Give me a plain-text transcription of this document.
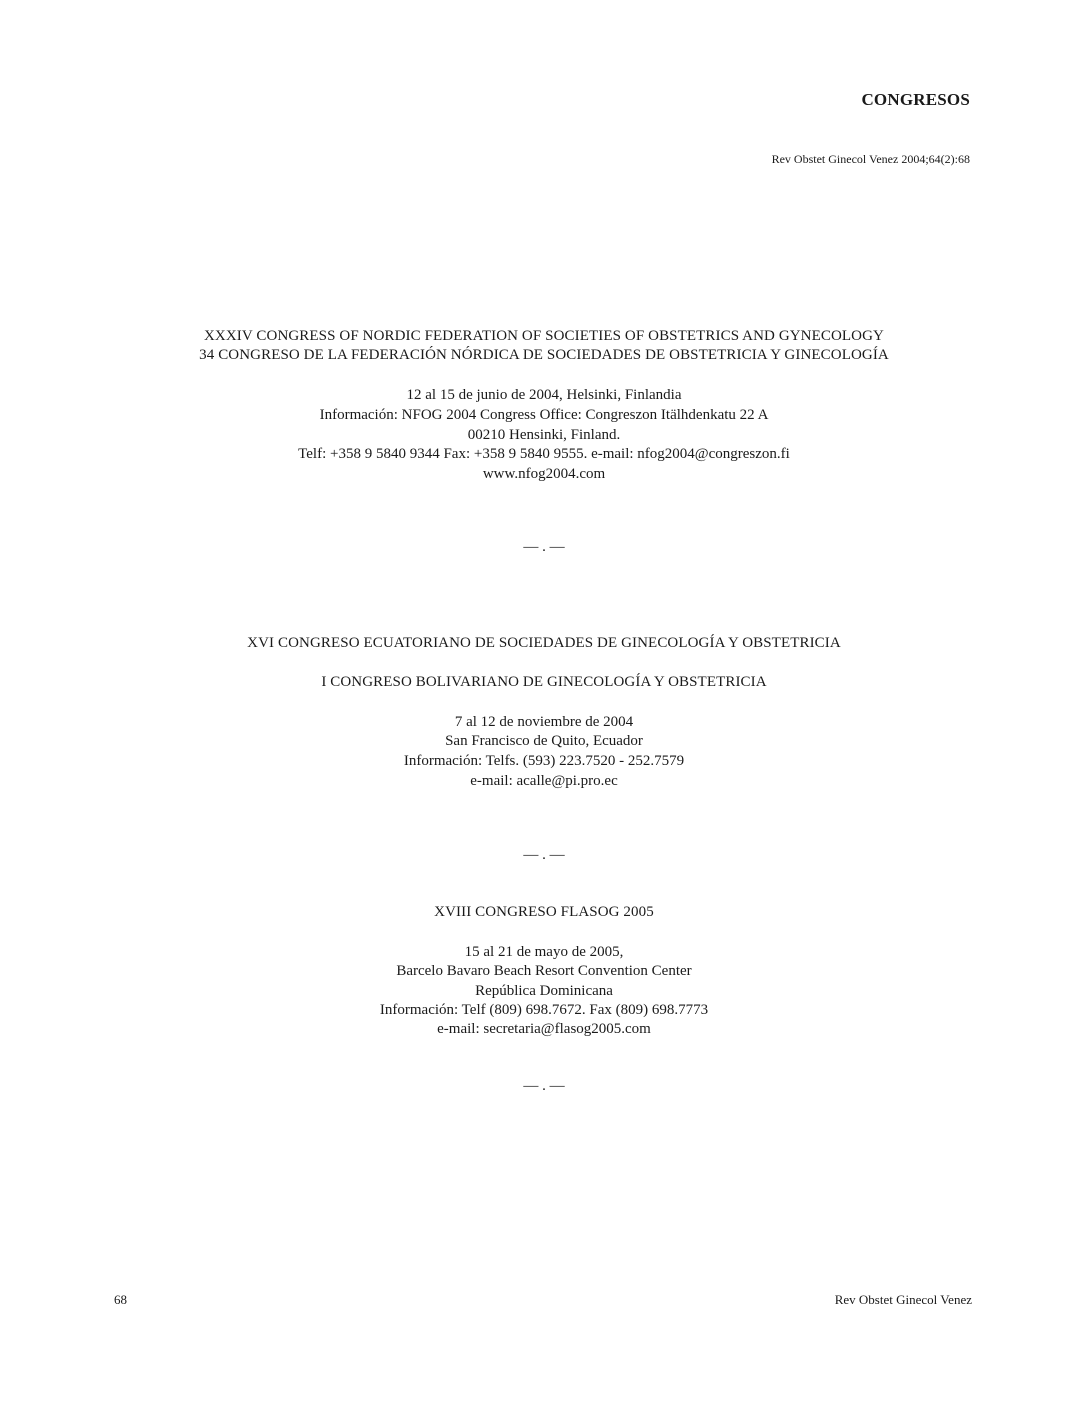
CONGRESOS
Rev Obstet Ginecol Venez 2004;64(2):68
XXXIV CONGRESS OF NORDIC FEDERATION OF SOCIETIES OF OBSTETRICS AND GYNECOLOGY
34 CONGRESO DE LA FEDERACIÓN NÓRDICA DE SOCIEDADES DE OBSTETRICIA Y GINECOLOGÍA
12 al 15 de junio de 2004, Helsinki, Finlandia
Información: NFOG 2004 Congress Office: Congreszon Itälhdenkatu 22 A
00210 Hensinki, Finland.
Telf: +358 9 5840 9344 Fax: +358 9 5840 9555. e-mail: nfog2004@congreszon.fi
www.nfog2004.com
— . —
XVI CONGRESO ECUATORIANO DE SOCIEDADES DE GINECOLOGÍA Y OBSTETRICIA
I CONGRESO BOLIVARIANO DE GINECOLOGÍA Y OBSTETRICIA
7 al 12 de noviembre de 2004
San Francisco de Quito, Ecuador
Información: Telfs. (593) 223.7520 - 252.7579
e-mail: acalle@pi.pro.ec
— . —
XVIII CONGRESO FLASOG 2005
15 al 21 de mayo de 2005,
Barcelo Bavaro Beach Resort Convention Center
República Dominicana
Información: Telf (809) 698.7672. Fax (809) 698.7773
e-mail: secretaria@flasog2005.com
— . —
68	Rev Obstet Ginecol Venez
